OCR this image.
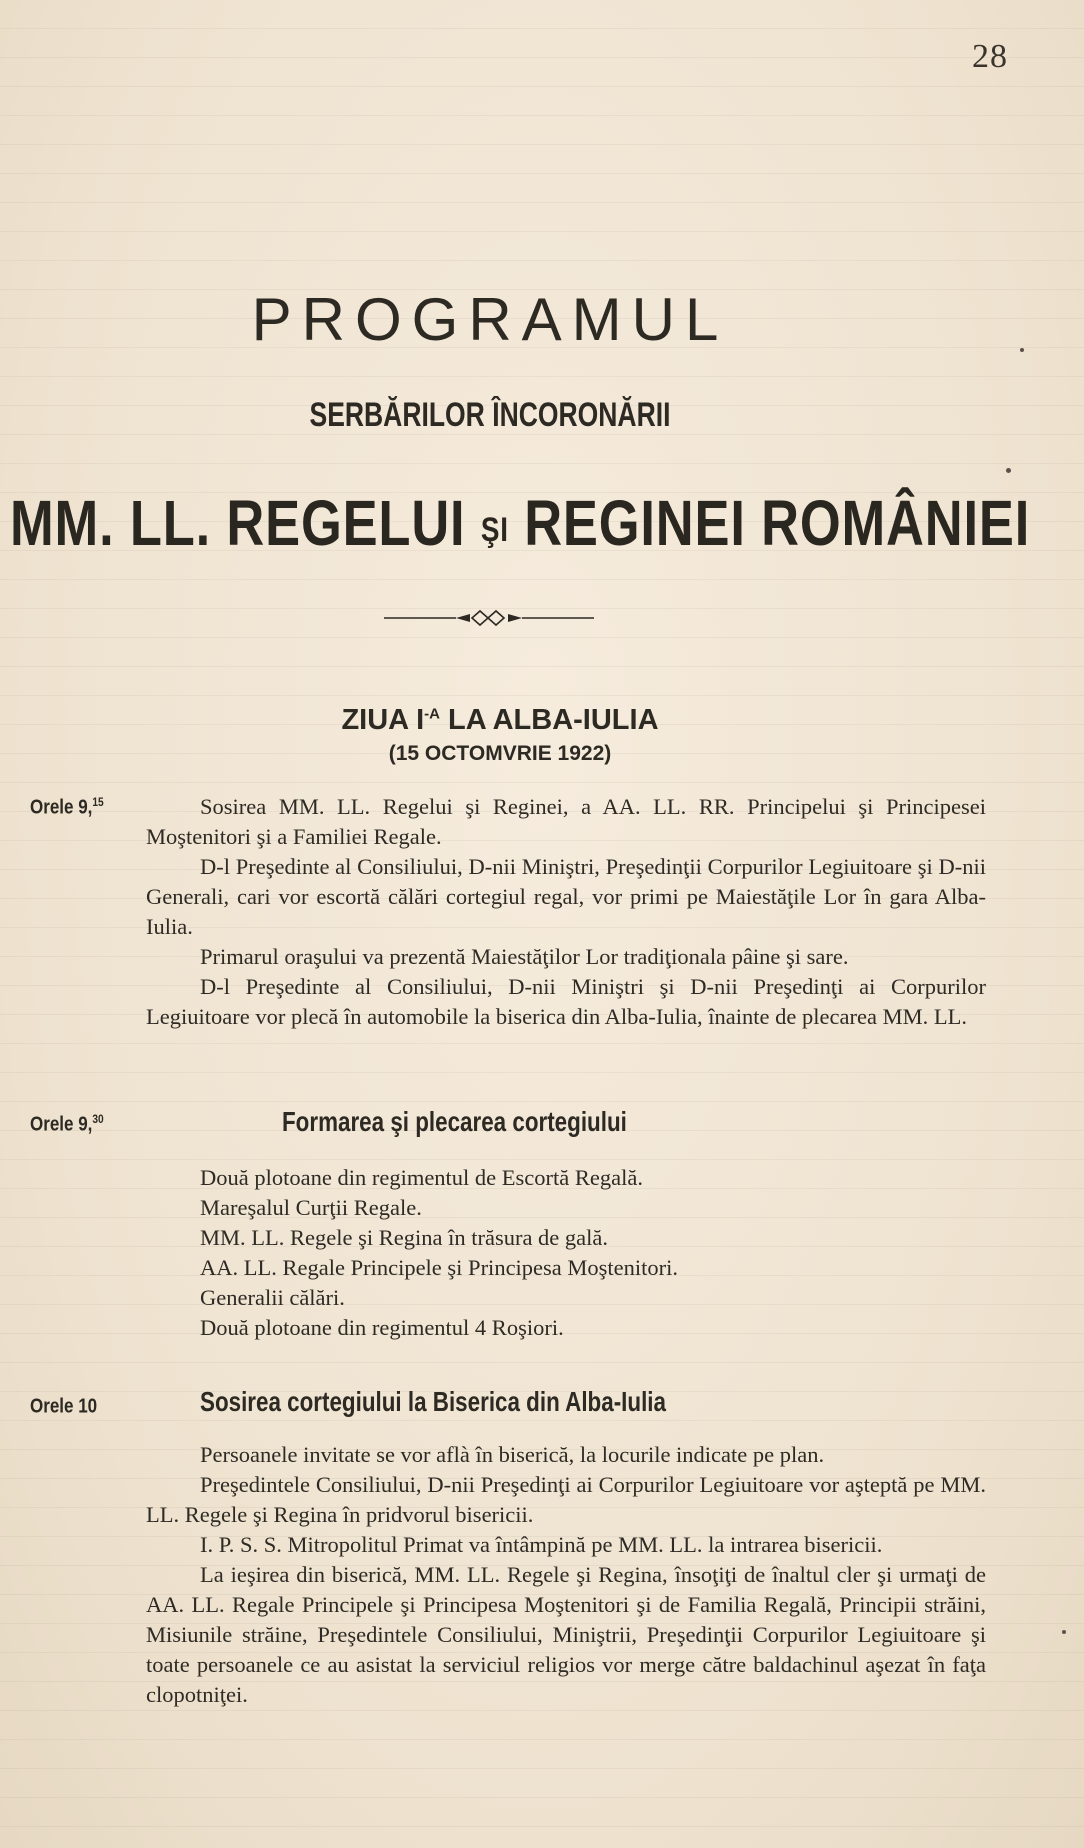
28
PROGRAMUL
SERBĂRILOR ÎNCORONĂRII
MM. LL. REGELUI ŞI REGINEI ROMÂNIEI
ZIUA $I^{-A}$ LA ALBA-IULIA
(15 OCTOMVRIE 1922)
Orele 9,15	Sosirea MM. LL. Regelui şi Reginei, a AA. LL. RR. Principelui şi Principesei Moştenitori şi a Familiei Regale.

D-l Preşedinte al Consiliului, D-nii Miniştri, Preşedinţii Corpurilor Legiuitoare şi D-nii Generali, cari vor escortă călări cortegiul regal, vor primi pe Maiestăţile Lor în gara Alba-Iulia.

Primarul oraşului va prezentă Maiestăţilor Lor tradiţionala pâine şi sare.

D-l Preşedinte al Consiliului, D-nii Miniştri şi D-nii Preşedinţi ai Corpurilor Legiuitoare vor plecă în automobile la biserica din Alba-Iulia, înainte de plecarea MM. LL.

Orele 9,30	Formarea şi plecarea cortegiului
Două plotoane din regimentul de Escortă Regală.
Mareşalul Curţii Regale.
MM. LL. Regele şi Regina în trăsura de gală.
AA. LL. Regale Principele şi Principesa Moştenitori.
Generalii călări.
Două plotoane din regimentul 4 Roşiori.
Orele 10	Sosirea cortegiului la Biserica din Alba-Iulia

Persoanele invitate se vor aflà în biserică, la locurile indicate pe plan.

Preşedintele Consiliului, D-nii Preşedinţi ai Corpurilor Legiuitoare vor aşteptă pe MM. LL. Regele şi Regina în pridvorul bisericii.

I. P. S. S. Mitropolitul Primat va întâmpină pe MM. LL. la intrarea bisericii.

La ieşirea din biserică, MM. LL. Regele şi Regina, însoţiţi de înaltul cler şi urmaţi de AA. LL. Regale Principele şi Principesa Moştenitori şi de Familia Regală, Principii străini, Misiunile străine, Preşedintele Consiliului, Miniştrii, Preşedinţii Corpurilor Legiuitoare şi toate persoanele ce au asistat la serviciul religios vor merge către baldachinul aşezat în faţa clopotniţei.
